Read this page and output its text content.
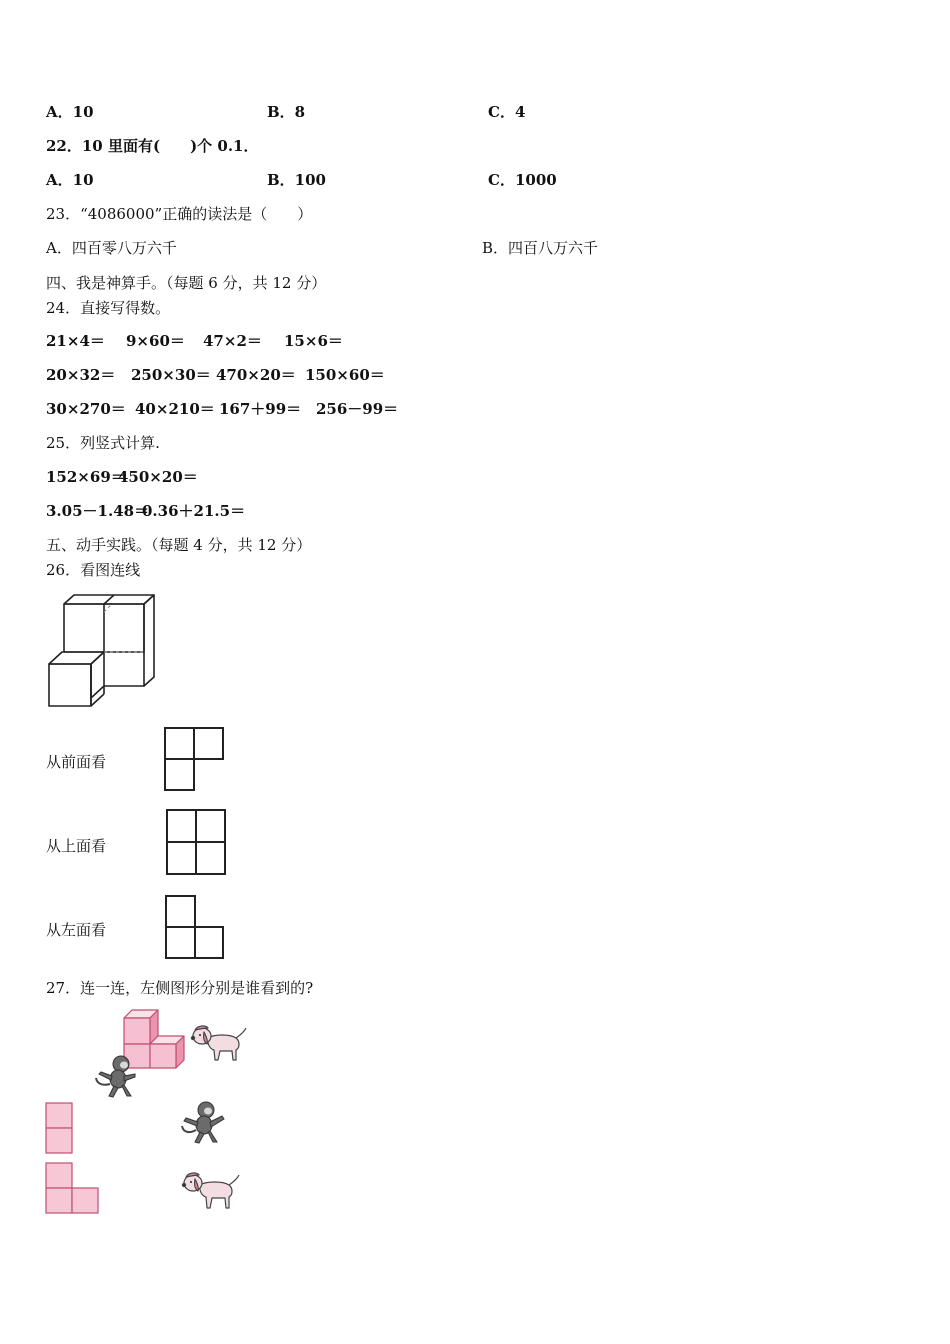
A．10	B．8	C．4
22．10 里面有(　　)个 0.1．
A．10	B．100	C．1000
23．“4086000”正确的读法是（　　）
A．四百零八万六千	B．四百八万六千
四、我是神算手。（每题 6 分，共 12 分）
24．直接写得数。
21×4＝ 9×60＝ 47×2＝ 15×6＝
20×32＝ 250×30＝ 470×20＝ 150×60＝
30×270＝ 40×210＝ 167＋99＝ 256－99＝
25．列竖式计算.
152×69＝
450×20＝
3.05－1.48＝
0.36＋21.5＝
五、动手实践。（每题 4 分，共 12 分）
26．看图连线
从前面看
从上面看
从左面看
27．连一连，左侧图形分别是谁看到的?
